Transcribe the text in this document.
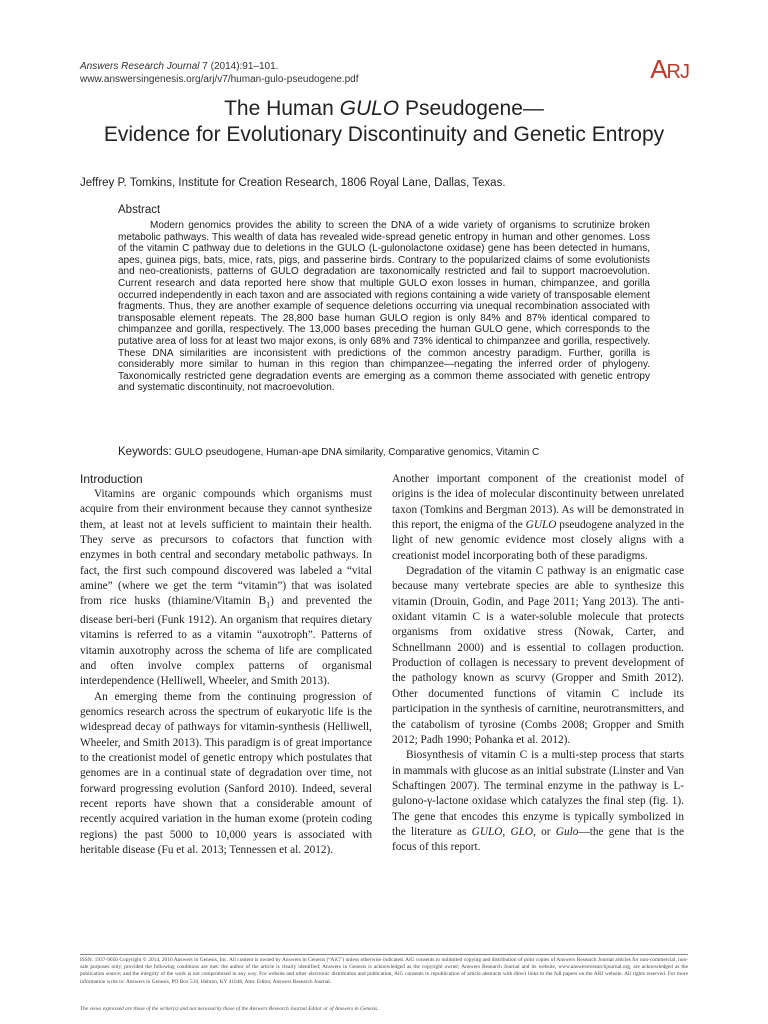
Answers Research Journal 7 (2014):91–101.
www.answersingenesis.org/arj/v7/human-gulo-pseudogene.pdf	ARJ
The Human GULO Pseudogene—
Evidence for Evolutionary Discontinuity and Genetic Entropy
Jeffrey P. Tomkins, Institute for Creation Research, 1806 Royal Lane, Dallas, Texas.
Abstract

Modern genomics provides the ability to screen the DNA of a wide variety of organisms to scrutinize broken metabolic pathways. This wealth of data has revealed wide-spread genetic entropy in human and other genomes. Loss of the vitamin C pathway due to deletions in the GULO (L-gulonolactone oxidase) gene has been detected in humans, apes, guinea pigs, bats, mice, rats, pigs, and passerine birds. Contrary to the popularized claims of some evolutionists and neo-creationists, patterns of GULO degradation are taxonomically restricted and fail to support macroevolution. Current research and data reported here show that multiple GULO exon losses in human, chimpanzee, and gorilla occurred independently in each taxon and are associated with regions containing a wide variety of transposable element fragments. Thus, they are another example of sequence deletions occurring via unequal recombination associated with transposable element repeats. The 28,800 base human GULO region is only 84% and 87% identical compared to chimpanzee and gorilla, respectively. The 13,000 bases preceding the human GULO gene, which corresponds to the putative area of loss for at least two major exons, is only 68% and 73% identical to chimpanzee and gorilla, respectively. These DNA similarities are inconsistent with predictions of the common ancestry paradigm. Further, gorilla is considerably more similar to human in this region than chimpanzee—negating the inferred order of phylogeny. Taxonomically restricted gene degradation events are emerging as a common theme associated with genetic entropy and systematic discontinuity, not macroevolution.

Keywords: GULO pseudogene, Human-ape DNA similarity, Comparative genomics, Vitamin C
Introduction

Vitamins are organic compounds which organisms must acquire from their environment because they cannot synthesize them, at least not at levels sufficient to maintain their health. They serve as precursors to cofactors that function with enzymes in both central and secondary metabolic pathways. In fact, the first such compound discovered was labeled a “vital amine” (where we get the term “vitamin”) that was isolated from rice husks (thiamine/Vitamin $B_1$) and prevented the disease beri-beri (Funk 1912). An organism that requires dietary vitamins is referred to as a vitamin “auxotroph”. Patterns of vitamin auxotrophy across the schema of life are complicated and often involve complex patterns of organismal interdependence (Helliwell, Wheeler, and Smith 2013).

An emerging theme from the continuing progression of genomics research across the spectrum of eukaryotic life is the widespread decay of pathways for vitamin-synthesis (Helliwell, Wheeler, and Smith 2013). This paradigm is of great importance to the creationist model of genetic entropy which postulates that genomes are in a continual state of degradation over time, not forward progressing evolution (Sanford 2010). Indeed, several recent reports have shown that a considerable amount of recently acquired variation in the human exome (protein coding regions) the past 5000 to 10,000 years is associated with heritable disease (Fu et al. 2013; Tennessen et al. 2012).

Another important component of the creationist model of origins is the idea of molecular discontinuity between unrelated taxon (Tomkins and Bergman 2013). As will be demonstrated in this report, the enigma of the GULO pseudogene analyzed in the light of new genomic evidence most closely aligns with a creationist model incorporating both of these paradigms.

Degradation of the vitamin C pathway is an enigmatic case because many vertebrate species are able to synthesize this vitamin (Drouin, Godin, and Page 2011; Yang 2013). The anti-oxidant vitamin C is a water-soluble molecule that protects organisms from oxidative stress (Nowak, Carter, and Schnellmann 2000) and is essential to collagen production. Production of collagen is necessary to prevent development of the pathology known as scurvy (Gropper and Smith 2012). Other documented functions of vitamin C include its participation in the synthesis of carnitine, neurotransmitters, and the catabolism of tyrosine (Combs 2008; Gropper and Smith 2012; Padh 1990; Pohanka et al. 2012).

Biosynthesis of vitamin C is a multi-step process that starts in mammals with glucose as an initial substrate (Linster and Van Schaftingen 2007). The terminal enzyme in the pathway is L-gulono-γ-lactone oxidase which catalyzes the final step (fig. 1). The gene that encodes this enzyme is typically symbolized in the literature as GULO, GLO, or Gulo—the gene that is the focus of this report.

ISSN: 1937-9056 Copyright © 2014, 2016 Answers in Genesis, Inc. All content is owned by Answers in Genesis (“AiG”) unless otherwise indicated. AiG consents to unlimited copying and distribution of print copies of Answers Research Journal articles for non-commercial, non-sale purposes only, provided the following conditions are met: the author of the article is clearly identified; Answers in Genesis is acknowledged as the copyright owner; Answers Research Journal and its website, www.answersresearchjournal.org, are acknowledged as the publication source; and the integrity of the work is not compromised in any way. For website and other electronic distribution and publication, AiG consents to republication of article abstracts with direct links to the full papers on the ARJ website. All rights reserved. For more information write to: Answers in Genesis, PO Box 510, Hebron, KY 41048, Attn: Editor, Answers Research Journal.
The views expressed are those of the writer(s) and not necessarily those of the Answers Research Journal Editor or of Answers in Genesis.
